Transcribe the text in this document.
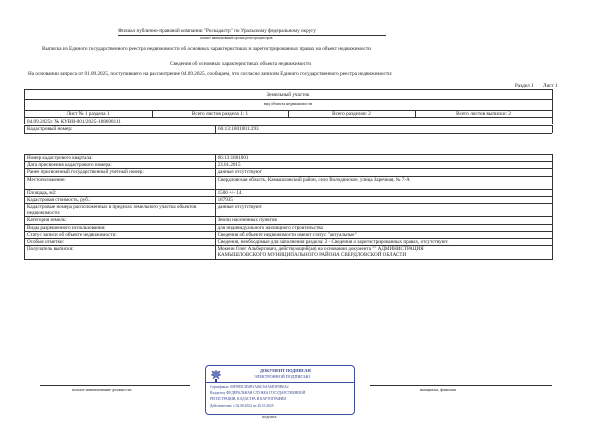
Филиал публично-правовой компании "Роскадастр" по Уральскому федеральному округу
полное наименование органа регистрации прав
Выписка из Единого государственного реестра недвижимости об основных характеристиках и зарегистрированных правах на объект недвижимости
Сведения об основных характеристиках объекта недвижимости
На основании запроса от 01.09.2025, поступившего на рассмотрение 04.09.2025, сообщаем, что согласно записям Единого государственного реестра недвижимости:
Раздел 1 Лист 1
Земельный участок
вид объекта недвижимости
Лист № 1 раздела 1	Всего листов раздела 1: 1	Всего разделов: 2	Всего листов выписки: 2
04.09.2025г. № КУВИ-001/2025-188698111
Кадастровый номер:	66:13:1801001:293
Номер кадастрового квартала:	66:13:1801001
Дата присвоения кадастрового номера:	23.01.2015
Ранее присвоенный государственный учетный номер:	данные отсутствуют
Местоположение:	Свердловская область, Камышловский район, село Володинское, улица Заречная, № 7-А
Площадь, м2:	1500 +/- 14
Кадастровая стоимость, руб.:	187935
Кадастровые номера расположенных в пределах земельного участка объектов недвижимости:	данные отсутствуют
Категория земель:	Земли населенных пунктов
Виды разрешенного использования:	для индивидуального жилищного строительства
Статус записи об объекте недвижимости:	Сведения об объекте недвижимости имеют статус "актуальные"
Особые отметки:	Сведения, необходимые для заполнения раздела: 2 - Сведения о зарегистрированных правах, отсутствуют.
Получатель выписки:	Мокеин Олег Альбертович, действующий(ая) на основании документа "" АДМИНИСТРАЦИЯ
КАМЫШЛОВСКОГО МУНИЦИПАЛЬНОГО РАЙОНА СВЕРДЛОВСКОЙ ОБЛАСТИ
ДОКУМЕНТ ПОДПИСАН
ЭЛЕКТРОННОЙ ПОДПИСЬЮ
Сертификат: 00F09DC3E6B1A84C6AA6D1F0B6A2
Владелец: ФЕДЕРАЛЬНАЯ СЛУЖБА ГОСУДАРСТВЕННОЙ
РЕГИСТРАЦИИ, КАДАСТРА И КАРТОГРАФИИ
Действителен: с 02.08.2024 по 26.10.2025
полное наименование должности
подпись
инициалы, фамилия
